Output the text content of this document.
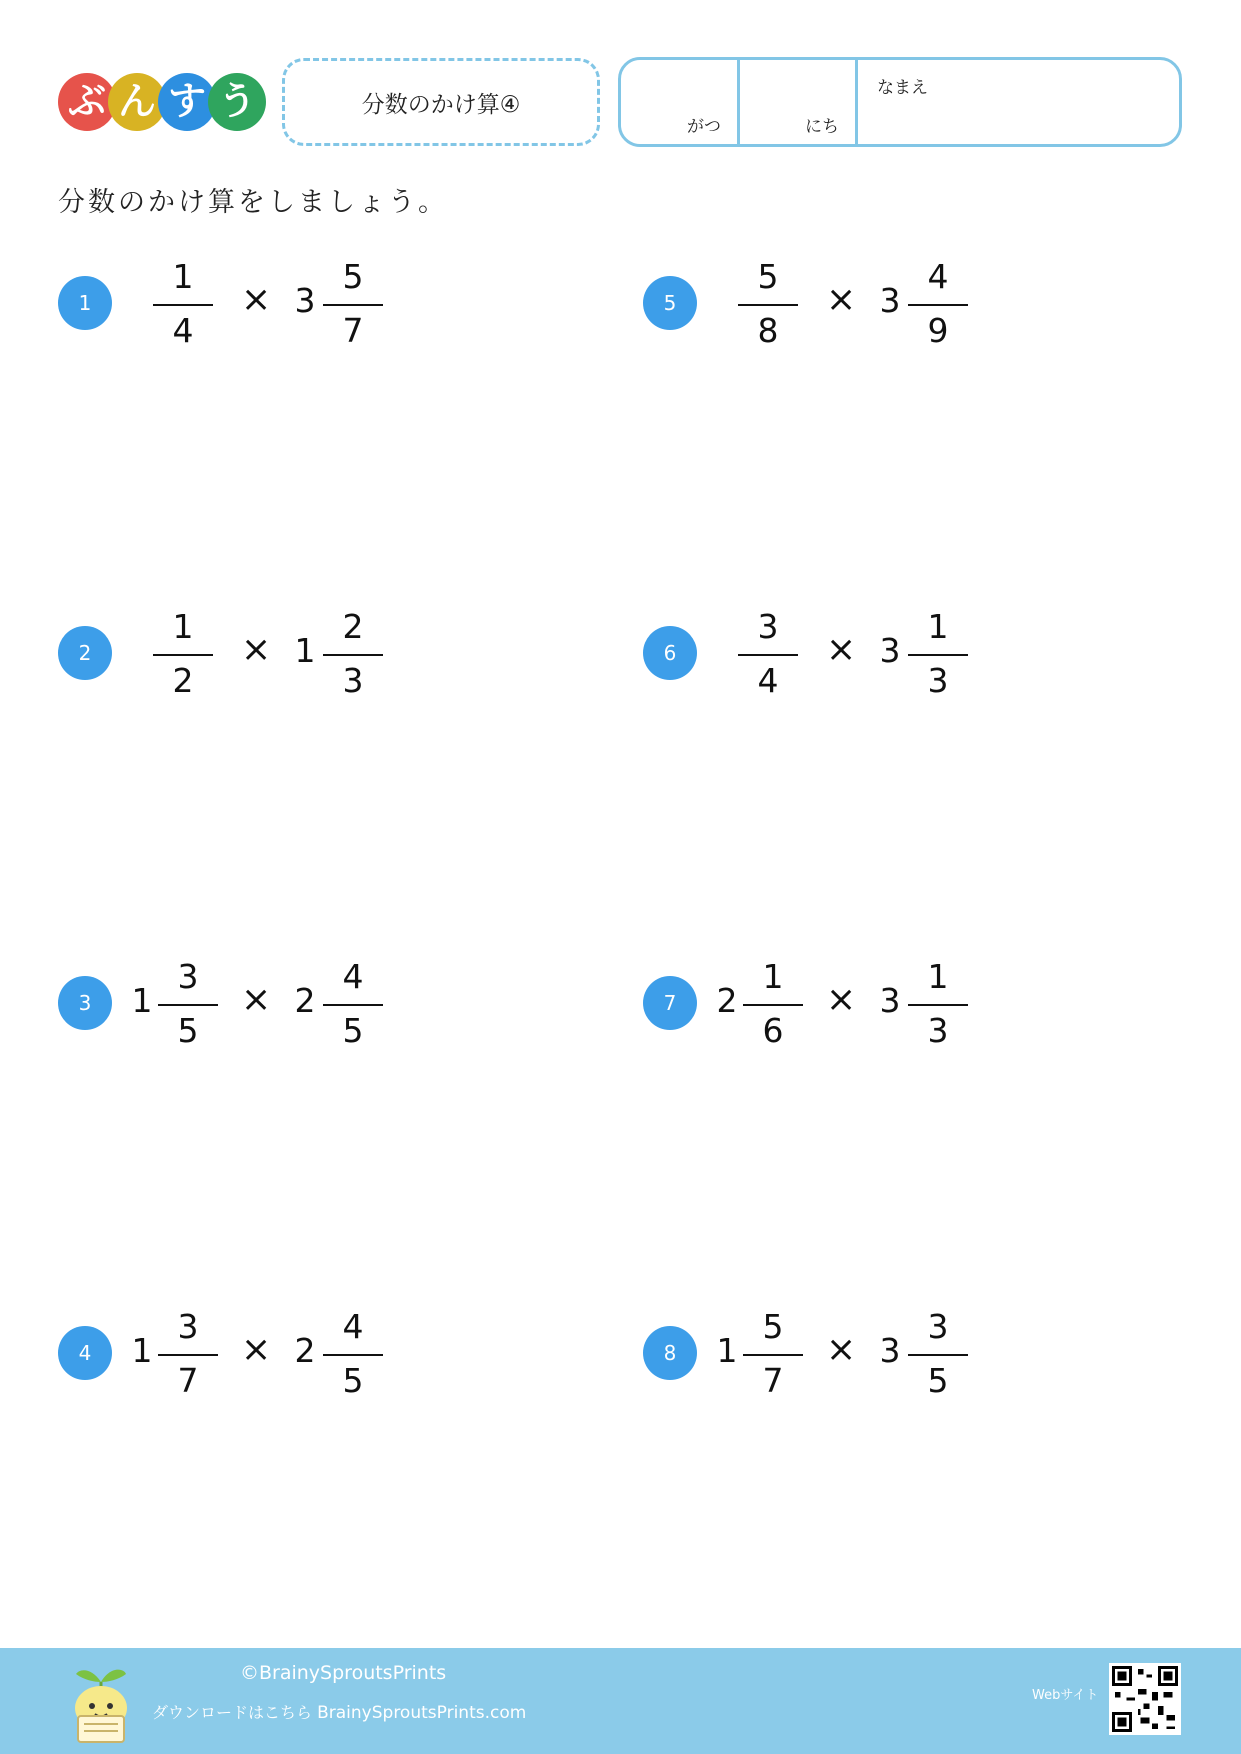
ぶ ん す う	分数のかけ算④
がつ	にち
なまえ
分数のかけ算をしましょう。
1
1
4
× 3
5
7
2
1
2
× 1
2
3
3	1
3
5
× 2
4
5
4	1
3
7
× 2
4
5
5
5
8
× 3
4
9
6
3
4
× 3
1
3
7	2
1
6
× 3
1
3
8	1
5
7
× 3
3
5
©BrainySproutsPrints
ダウンロードはこちら BrainySproutsPrints.com
Webサイト
